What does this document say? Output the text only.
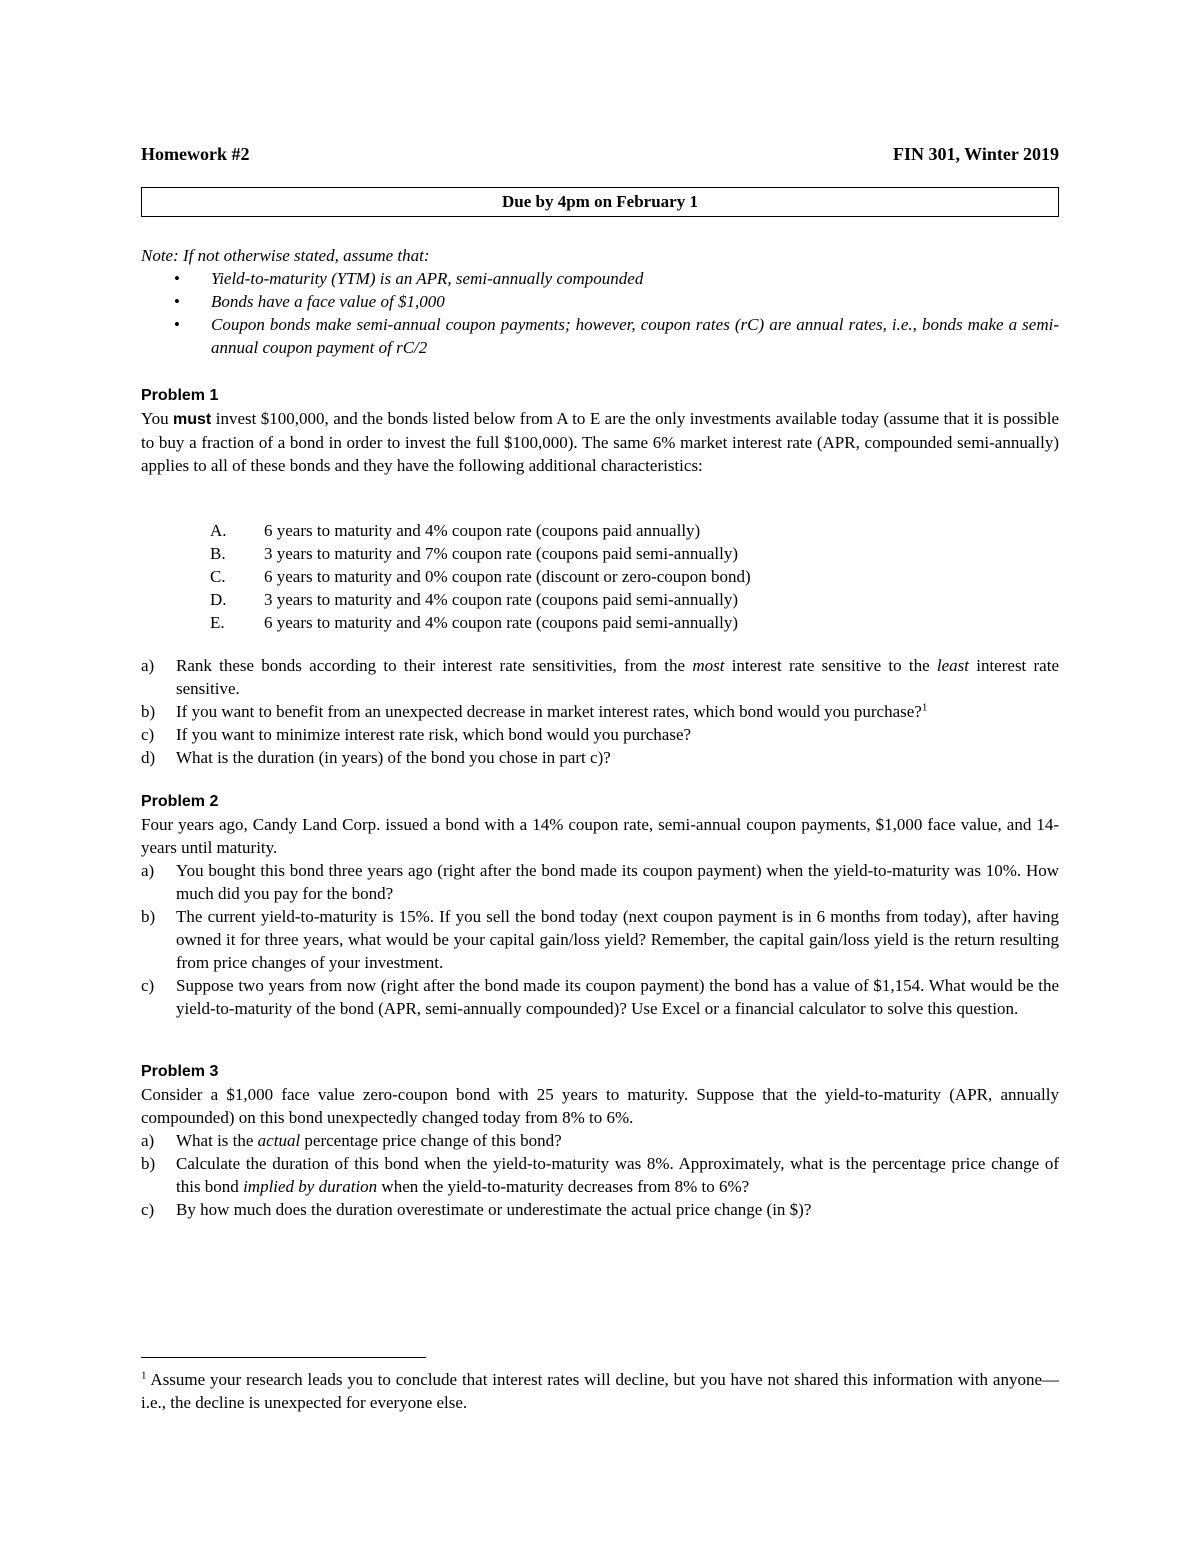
Homework #2	FIN 301, Winter 2019
Due by 4pm on February 1
Note: If not otherwise stated, assume that:
• Yield-to-maturity (YTM) is an APR, semi-annually compounded
• Bonds have a face value of $1,000
• Coupon bonds make semi-annual coupon payments; however, coupon rates (rC) are annual rates, i.e., bonds make a semi-annual coupon payment of rC/2
Problem 1
You must invest $100,000, and the bonds listed below from A to E are the only investments available today (assume that it is possible to buy a fraction of a bond in order to invest the full $100,000). The same 6% market interest rate (APR, compounded semi-annually) applies to all of these bonds and they have the following additional characteristics:
A.	6 years to maturity and 4% coupon rate (coupons paid annually)
B.	3 years to maturity and 7% coupon rate (coupons paid semi-annually)
C.	6 years to maturity and 0% coupon rate (discount or zero-coupon bond)
D.	3 years to maturity and 4% coupon rate (coupons paid semi-annually)
E.	6 years to maturity and 4% coupon rate (coupons paid semi-annually)
a)	Rank these bonds according to their interest rate sensitivities, from the most interest rate sensitive to the least interest rate sensitive.
b)	If you want to benefit from an unexpected decrease in market interest rates, which bond would you purchase?$^1$
c)	If you want to minimize interest rate risk, which bond would you purchase?
d)	What is the duration (in years) of the bond you chose in part c)?
Problem 2
Four years ago, Candy Land Corp. issued a bond with a 14% coupon rate, semi-annual coupon payments, $1,000 face value, and 14-years until maturity.
a)	You bought this bond three years ago (right after the bond made its coupon payment) when the yield-to-maturity was 10%. How much did you pay for the bond?
b)	The current yield-to-maturity is 15%. If you sell the bond today (next coupon payment is in 6 months from today), after having owned it for three years, what would be your capital gain/loss yield? Remember, the capital gain/loss yield is the return resulting from price changes of your investment.
c)	Suppose two years from now (right after the bond made its coupon payment) the bond has a value of $1,154. What would be the yield-to-maturity of the bond (APR, semi-annually compounded)? Use Excel or a financial calculator to solve this question.
Problem 3
Consider a $1,000 face value zero-coupon bond with 25 years to maturity. Suppose that the yield-to-maturity (APR, annually compounded) on this bond unexpectedly changed today from 8% to 6%.
a)	What is the actual percentage price change of this bond?
b)	Calculate the duration of this bond when the yield-to-maturity was 8%. Approximately, what is the percentage price change of this bond implied by duration when the yield-to-maturity decreases from 8% to 6%?
c)	By how much does the duration overestimate or underestimate the actual price change (in $)?
$^1$ Assume your research leads you to conclude that interest rates will decline, but you have not shared this information with anyone—i.e., the decline is unexpected for everyone else.
